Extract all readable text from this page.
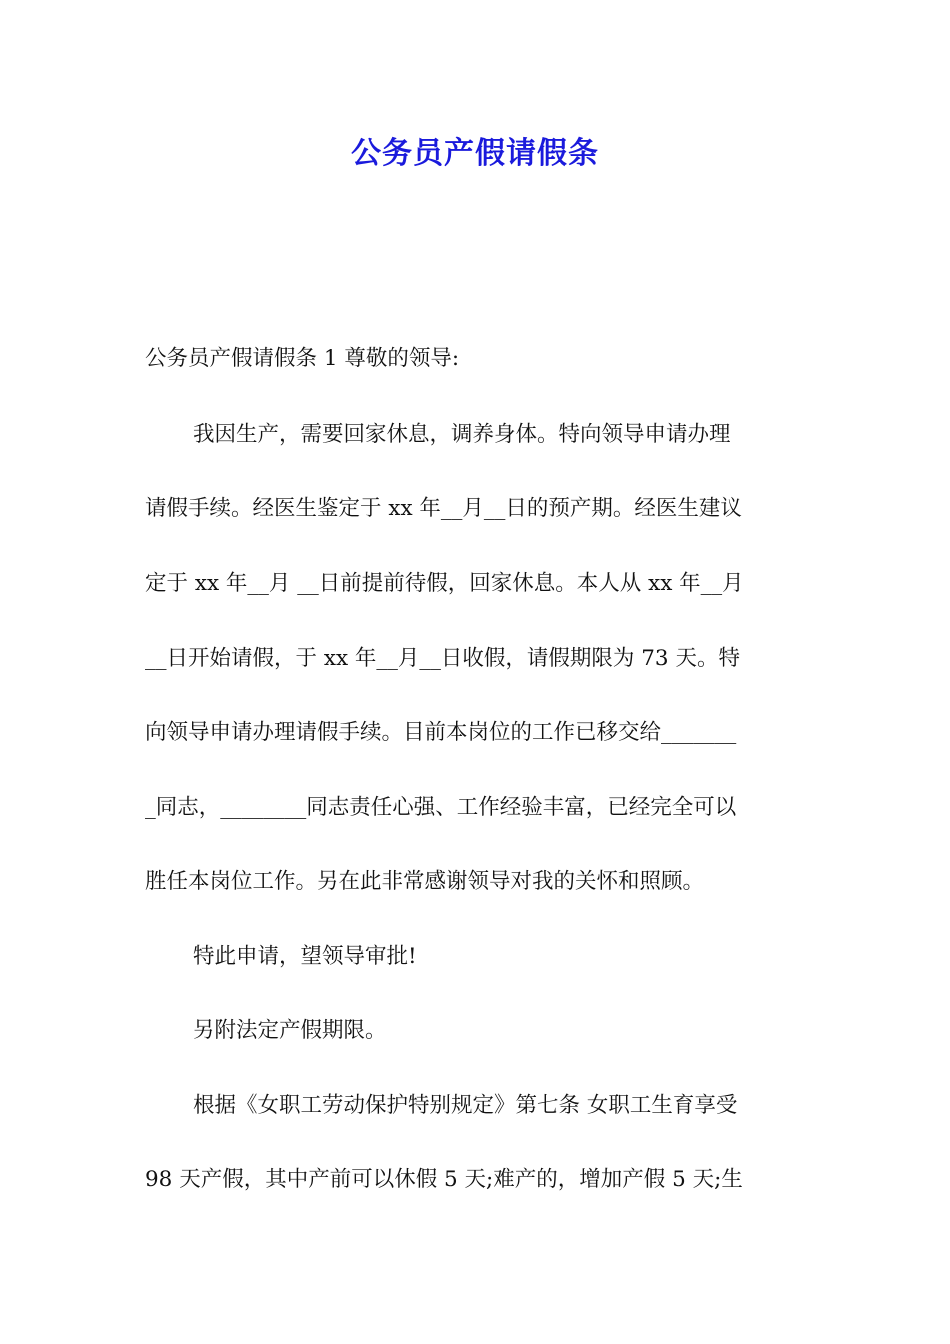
公务员产假请假条

公务员产假请假条 1 尊敬的领导:

我因生产，需要回家休息，调养身体。特向领导申请办理

请假手续。经医生鉴定于 xx 年__月__日的预产期。经医生建议

定于 xx 年__月 __日前提前待假，回家休息。本人从 xx 年__月

__日开始请假，于 xx 年__月__日收假，请假期限为 73 天。特

向领导申请办理请假手续。目前本岗位的工作已移交给_______

_同志，________同志责任心强、工作经验丰富，已经完全可以

胜任本岗位工作。另在此非常感谢领导对我的关怀和照顾。

特此申请，望领导审批!

另附法定产假期限。

根据《女职工劳动保护特别规定》第七条 女职工生育享受

98 天产假，其中产前可以休假 5 天;难产的，增加产假 5 天;生
